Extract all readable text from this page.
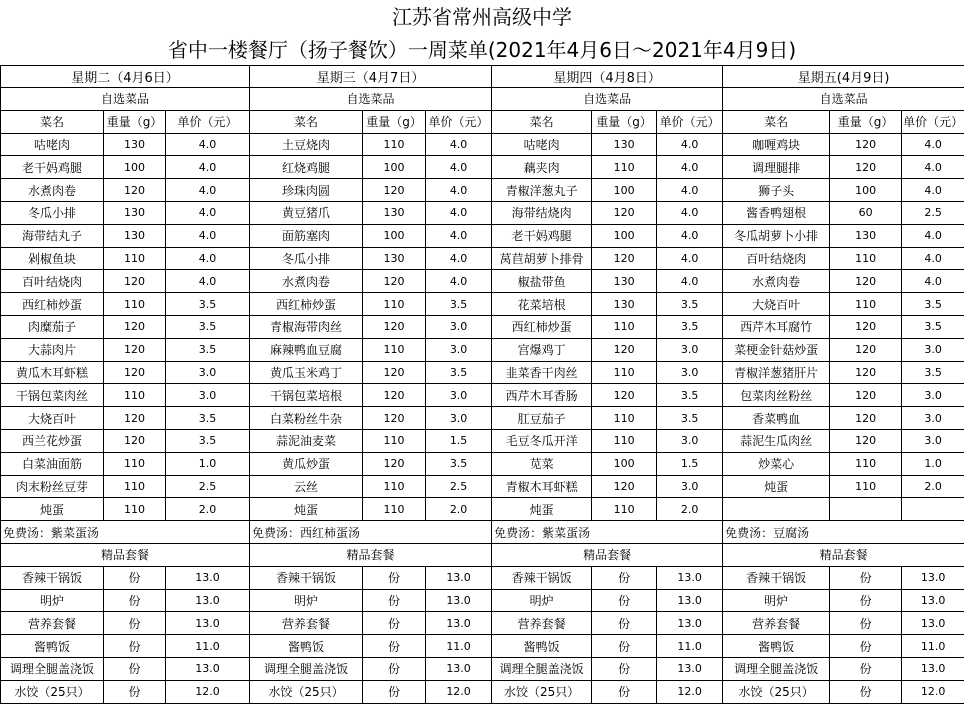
江苏省常州高级中学
省中一楼餐厅（扬子餐饮）一周菜单(2021年4月6日～2021年4月9日)
星期二（4月6日）			星期三（4月7日）			星期四（4月8日）			星期五(4月9日)		
自选菜品			自选菜品			自选菜品			自选菜品		
菜名	重量（g）	单价（元）	菜名	重量（g）	单价（元）	菜名	重量（g）	单价（元）	菜名	重量（g）	单价（元）
咕咾肉	130	4.0	土豆烧肉	110	4.0	咕咾肉	130	4.0	咖喱鸡块	120	4.0
老干妈鸡腿	100	4.0	红烧鸡腿	100	4.0	藕夹肉	110	4.0	调理腿排	120	4.0
水煮肉卷	120	4.0	珍珠肉圆	120	4.0	青椒洋葱丸子	100	4.0	狮子头	100	4.0
冬瓜小排	130	4.0	黄豆猪爪	130	4.0	海带结烧肉	120	4.0	酱香鸭翅根	60	2.5
海带结丸子	130	4.0	面筋塞肉	100	4.0	老干妈鸡腿	100	4.0	冬瓜胡萝卜小排	130	4.0
剁椒鱼块	110	4.0	冬瓜小排	130	4.0	莴苣胡萝卜排骨	120	4.0	百叶结烧肉	110	4.0
百叶结烧肉	120	4.0	水煮肉卷	120	4.0	椒盐带鱼	130	4.0	水煮肉卷	120	4.0
西红柿炒蛋	110	3.5	西红柿炒蛋	110	3.5	花菜培根	130	3.5	大烧百叶	110	3.5
肉糜茄子	120	3.5	青椒海带肉丝	120	3.0	西红柿炒蛋	110	3.5	西芹木耳腐竹	120	3.5
大蒜肉片	120	3.5	麻辣鸭血豆腐	110	3.0	宫爆鸡丁	120	3.0	菜梗金针菇炒蛋	120	3.0
黄瓜木耳虾糕	120	3.0	黄瓜玉米鸡丁	120	3.5	韭菜香干肉丝	110	3.0	青椒洋葱猪肝片	120	3.5
干锅包菜肉丝	110	3.0	干锅包菜培根	120	3.0	西芹木耳香肠	120	3.5	包菜肉丝粉丝	120	3.0
大烧百叶	120	3.5	白菜粉丝牛杂	120	3.0	肛豆茄子	110	3.5	香菜鸭血	120	3.0
西兰花炒蛋	120	3.5	蒜泥油麦菜	110	1.5	毛豆冬瓜开洋	110	3.0	蒜泥生瓜肉丝	120	3.0
白菜油面筋	110	1.0	黄瓜炒蛋	120	3.5	苋菜	100	1.5	炒菜心	110	1.0
肉末粉丝豆芽	110	2.5	云丝	110	2.5	青椒木耳虾糕	120	3.0	炖蛋	110	2.0
炖蛋	110	2.0	炖蛋	110	2.0	炖蛋	110	2.0			
免费汤：紫菜蛋汤			免费汤：西红柿蛋汤			免费汤：紫菜蛋汤			免费汤：豆腐汤		
精品套餐			精品套餐			精品套餐			精品套餐		
香辣干锅饭	份	13.0	香辣干锅饭	份	13.0	香辣干锅饭	份	13.0	香辣干锅饭	份	13.0
明炉	份	13.0	明炉	份	13.0	明炉	份	13.0	明炉	份	13.0
营养套餐	份	13.0	营养套餐	份	13.0	营养套餐	份	13.0	营养套餐	份	13.0
酱鸭饭	份	11.0	酱鸭饭	份	11.0	酱鸭饭	份	11.0	酱鸭饭	份	11.0
调理全腿盖浇饭	份	13.0	调理全腿盖浇饭	份	13.0	调理全腿盖浇饭	份	13.0	调理全腿盖浇饭	份	13.0
水饺（25只）	份	12.0	水饺（25只）	份	12.0	水饺（25只）	份	12.0	水饺（25只）	份	12.0
